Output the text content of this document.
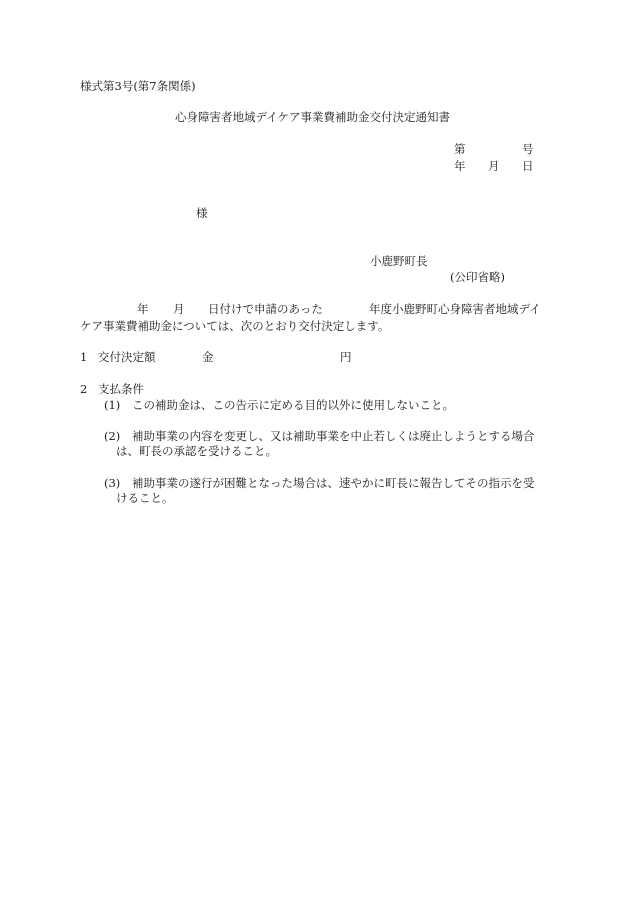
様式第3号(第7条関係)
心身障害者地域デイケア事業費補助金交付決定通知書
第	号
年 月 日
様
小鹿野町長
(公印省略)
年 月 日付けで申請のあった	年度小鹿野町心身障害者地域デイ
ケア事業費補助金については、次のとおり交付決定します。
1 交付決定額	金	円
2 支払条件
(1) この補助金は、この告示に定める目的以外に使用しないこと。
(2) 補助事業の内容を変更し、又は補助事業を中止若しくは廃止しようとする場合
は、町長の承認を受けること。
(3) 補助事業の遂行が困難となった場合は、速やかに町長に報告してその指示を受
けること。
